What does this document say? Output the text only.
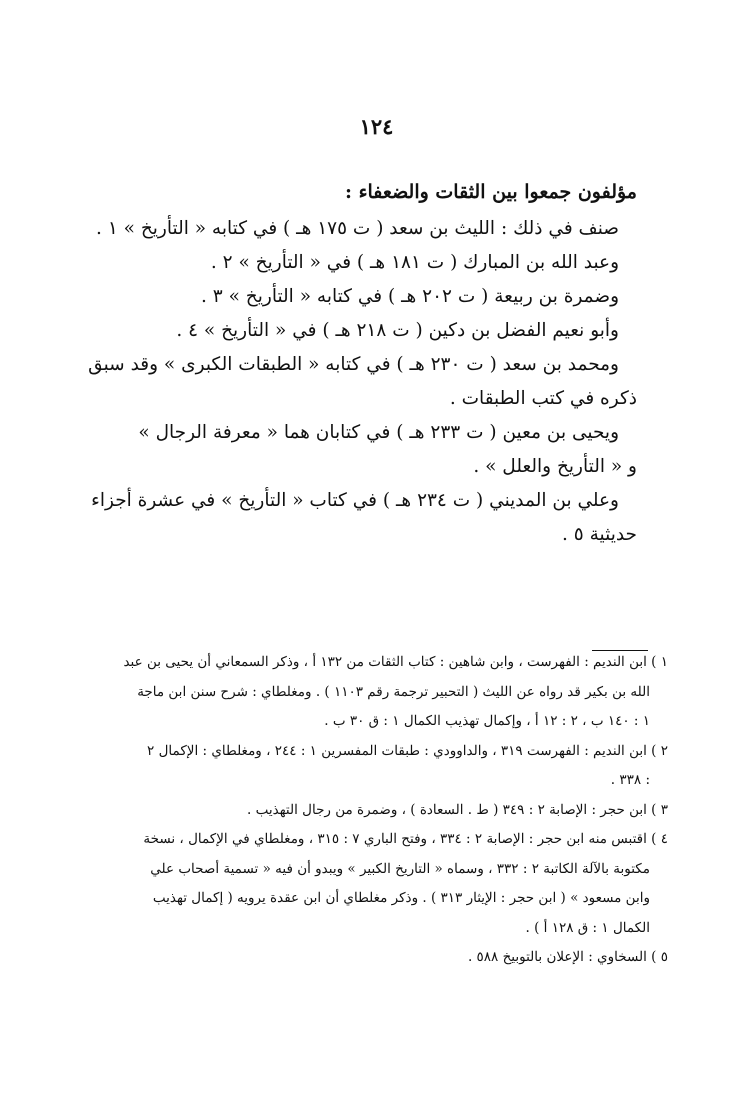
١٢٤

مؤلفون جمعوا بين الثقات والضعفاء :

صنف في ذلك : الليث بن سعد ( ت ١٧٥ هـ ) في كتابه « التأريخ » ١ .

وعبد الله بن المبارك ( ت ١٨١ هـ ) في « التأريخ » ٢ .

وضمرة بن ربيعة ( ت ٢٠٢ هـ ) في كتابه « التأريخ » ٣ .

وأبو نعيم الفضل بن دكين ( ت ٢١٨ هـ ) في « التأريخ » ٤ .

ومحمد بن سعد ( ت ٢٣٠ هـ ) في كتابه « الطبقات الكبرى » وقد سبق

ذكره في كتب الطبقات .

ويحيى بن معين ( ت ٢٣٣ هـ ) في كتابان هما « معرفة الرجال »

و « التأريخ والعلل » .

وعلي بن المديني ( ت ٢٣٤ هـ ) في كتاب « التأريخ » في عشرة أجزاء

حديثية ٥ .

١ ) ابن النديم : الفهرست ، وابن شاهين : كتاب الثقات من ١٣٢ أ ، وذكر السمعاني أن يحيى بن عبد

الله بن بكير قد رواه عن الليث ( التحبير ترجمة رقم ١١٠٣ ) . ومغلطاي : شرح سنن ابن ماجة

١ : ١٤٠ ب ، ٢ : ١٢ أ ، وإكمال تهذيب الكمال ١ : ق ٣٠ ب .

٢ ) ابن النديم : الفهرست ٣١٩ ، والداوودي : طبقات المفسرين ١ : ٢٤٤ ، ومغلطاي : الإكمال ٢

: ٣٣٨ .

٣ ) ابن حجر : الإصابة ٢ : ٣٤٩ ( ط . السعادة ) ، وضمرة من رجال التهذيب .

٤ ) اقتبس منه ابن حجر : الإصابة ٢ : ٣٣٤ ، وفتح الباري ٧ : ٣١٥ ، ومغلطاي في الإكمال ، نسخة

مكتوبة بالآلة الكاتبة ٢ : ٣٣٢ ، وسماه « التاريخ الكبير » ويبدو أن فيه « تسمية أصحاب علي

وابن مسعود » ( ابن حجر : الإيثار ٣١٣ ) . وذكر مغلطاي أن ابن عقدة يرويه ( إكمال تهذيب

الكمال ١ : ق ١٢٨ أ ) .

٥ ) السخاوي : الإعلان بالتوبيخ ٥٨٨ .
